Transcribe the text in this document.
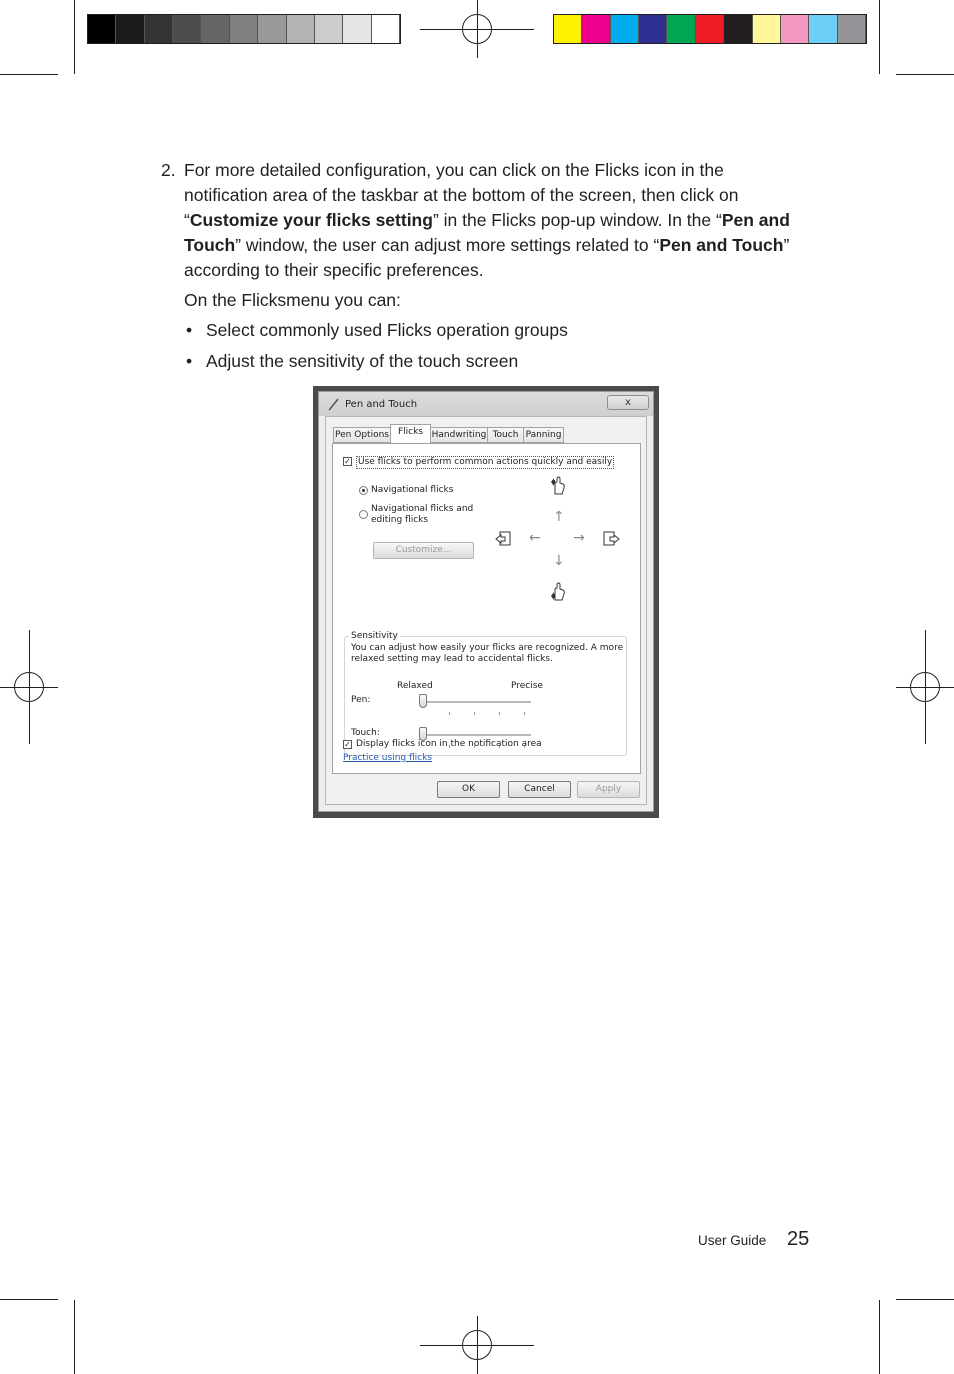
2. For more detailed configuration, you can click on the Flicks icon in the
notification area of the taskbar at the bottom of the screen, then click on
“Customize your flicks setting” in the Flicks pop-up window. In the “Pen and
Touch” window, the user can adjust more settings related to “Pen and Touch”
according to their specific preferences.
On the Flicksmenu you can:
• Select commonly used Flicks operation groups
• Adjust the sensitivity of the touch screen
Pen and Touch	x
Pen Options	Flicks Handwriting Touch Panning
✓ Use flicks to perform common actions quickly and easily
Navigational flicks
Navigational flicks and
editing flicks
Customize...
↑
↓
← →
Sensitivity
You can adjust how easily your flicks are recognized. A more
relaxed setting may lead to accidental flicks.
Relaxed	Precise
Pen:
Touch:
✓ Display flicks icon in the notification area
Practice using flicks
OK	Cancel	Apply
User Guide 25
